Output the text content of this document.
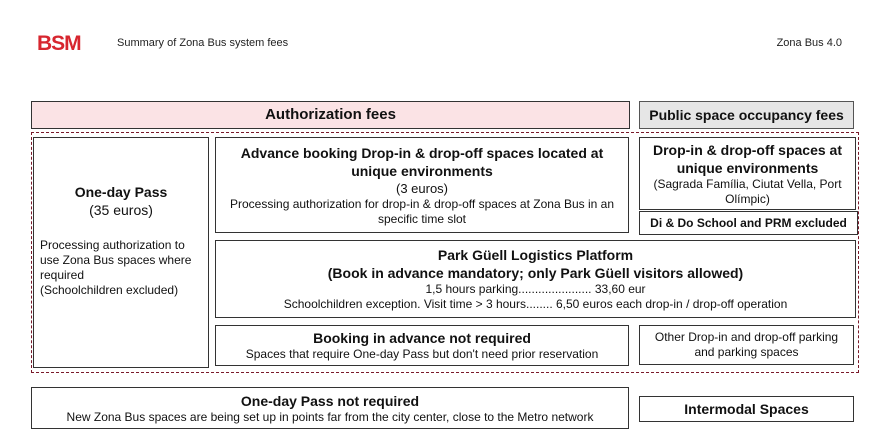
BSM	Summary of Zona Bus system fees	Zona Bus 4.0
Authorization fees	Public space occupancy fees
One-day Pass
(35 euros)
Processing authorization to use Zona Bus spaces where required
(Schoolchildren excluded)
Advance booking Drop-in & drop-off spaces located at unique environments
(3 euros)
Processing authorization for drop-in & drop-off spaces at Zona Bus in an specific time slot
Drop-in & drop-off spaces at unique environments
(Sagrada Família, Ciutat Vella, Port Olímpic)
Di & Do School and PRM excluded
Park Güell Logistics Platform
(Book in advance mandatory; only Park Güell visitors allowed)
1,5 hours parking...................... 33,60 eur
Schoolchildren exception. Visit time > 3 hours........ 6,50 euros each drop-in / drop-off operation
Booking in advance not required
Spaces that require One-day Pass but don't need prior reservation
Other Drop-in and drop-off parking and parking spaces
One-day Pass not required
New Zona Bus spaces are being set up in points far from the city center, close to the Metro network	Intermodal Spaces
